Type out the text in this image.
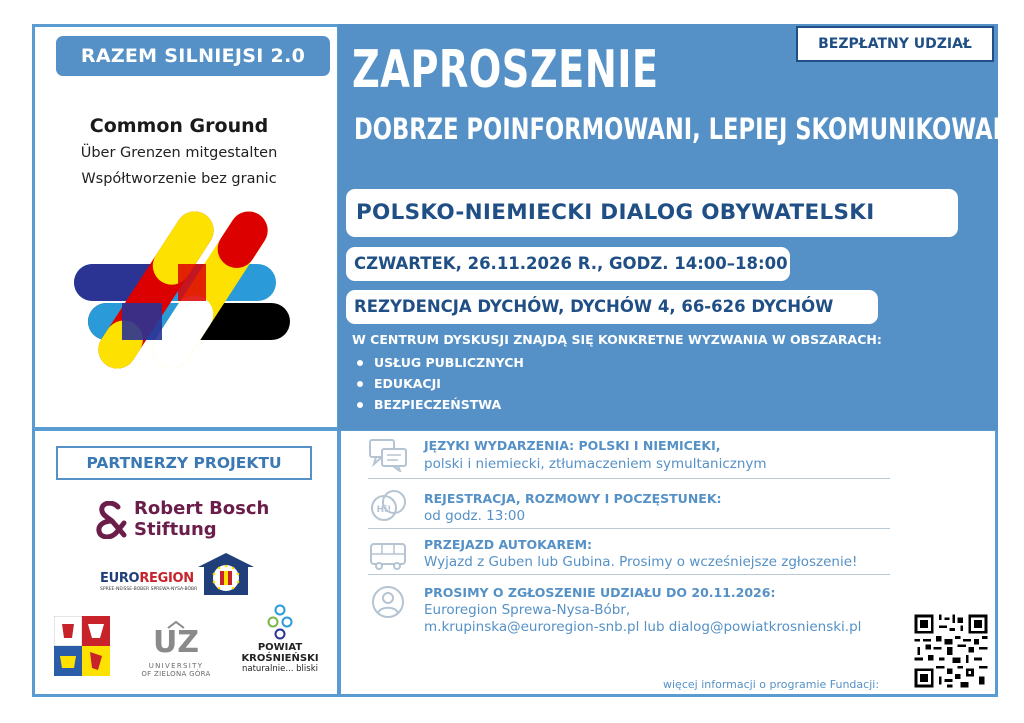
RAZEM SILNIEJSI 2.0
Common Ground
Über Grenzen mitgestalten
Współtworzenie bez granic
BEZPŁATNY UDZIAŁ
ZAPROSZENIE
DOBRZE POINFORMOWANI, LEPIEJ SKOMUNIKOWANI
POLSKO-NIEMIECKI DIALOG OBYWATELSKI
CZWARTEK, 26.11.2026 R., GODZ. 14:00–18:00
REZYDENCJA DYCHÓW, DYCHÓW 4, 66-626 DYCHÓW
W CENTRUM DYSKUSJI ZNAJDĄ SIĘ KONKRETNE WYZWANIA W OBSZARACH:
USŁUG PUBLICZNYCH
EDUKACJI
BEZPIECZEŃSTWA
PARTNERZY PROJEKTU
Robert Bosch
Stiftung
EUROREGION
SPREE-NEISSE-BOBER SPREWA-NYSA-BÓBR
UZ
UNIVERSITY
OF ZIELONA GÓRA
POWIAT
KROŚNIEŃSKI
naturalnie... bliski
JĘZYKI WYDARZENIA: POLSKI I NIEMICEKI,
polski i niemiecki, ztłumaczeniem symultanicznym
Hi!
REJESTRACJA, ROZMOWY I POCZĘSTUNEK:
od godz. 13:00
PRZEJAZD AUTOKAREM:
Wyjazd z Guben lub Gubina. Prosimy o wcześniejsze zgłoszenie!
PROSIMY O ZGŁOSZENIE UDZIAŁU DO 20.11.2026:
Euroregion Sprewa-Nysa-Bóbr,
m.krupinska@euroregion-snb.pl lub dialog@powiatkrosnienski.pl
więcej informacji o programie Fundacji:
